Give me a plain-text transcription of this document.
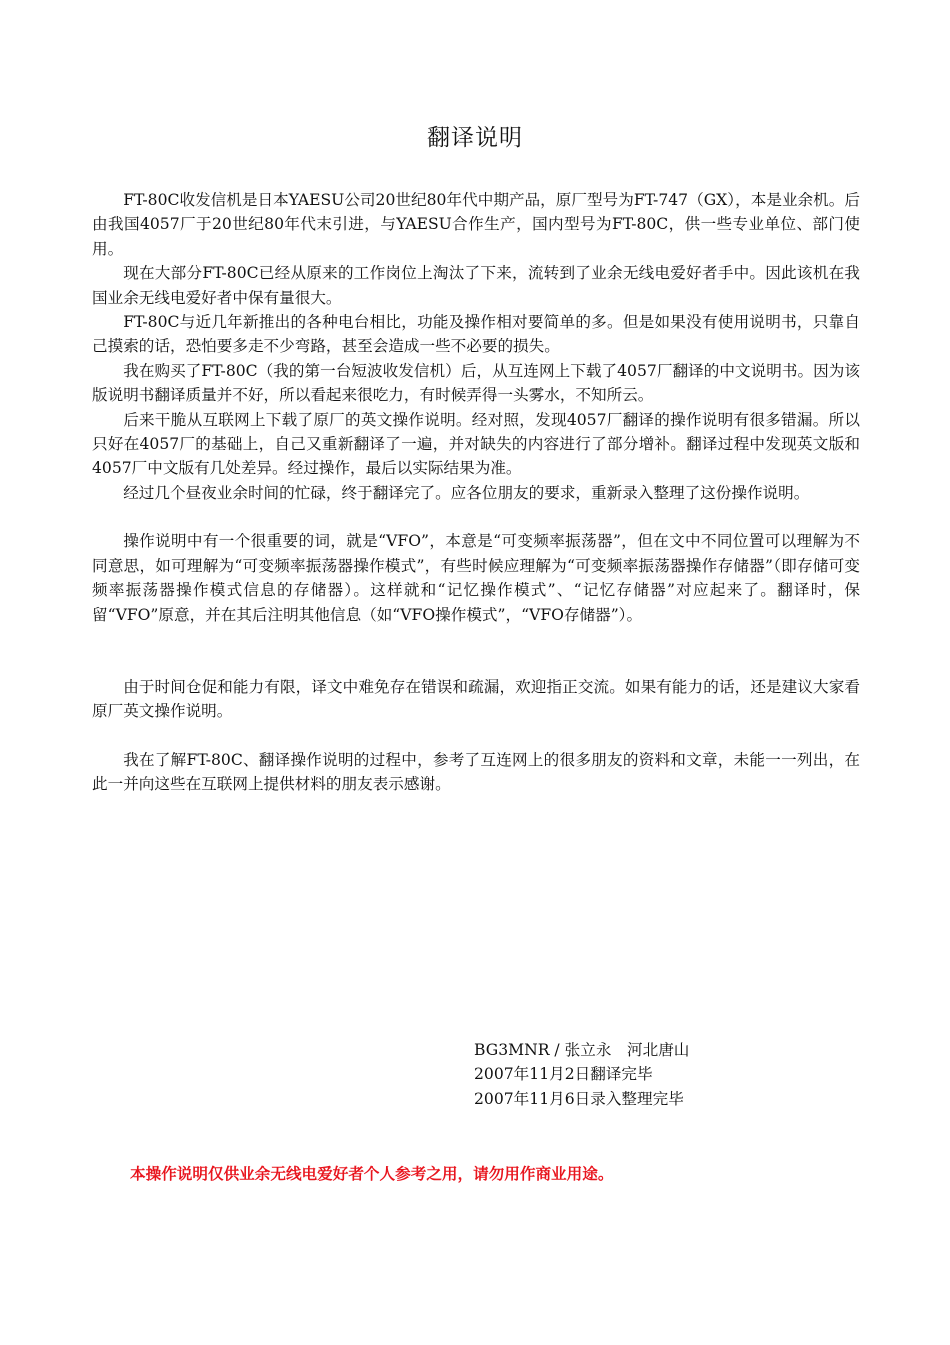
翻译说明

FT-80C收发信机是日本YAESU公司20世纪80年代中期产品，原厂型号为FT-747（GX），本是业余机。后由我国4057厂于20世纪80年代末引进，与YAESU合作生产，国内型号为FT-80C，供一些专业单位、部门使用。

现在大部分FT-80C已经从原来的工作岗位上淘汰了下来，流转到了业余无线电爱好者手中。因此该机在我国业余无线电爱好者中保有量很大。

FT-80C与近几年新推出的各种电台相比，功能及操作相对要简单的多。但是如果没有使用说明书，只靠自己摸索的话，恐怕要多走不少弯路，甚至会造成一些不必要的损失。

我在购买了FT-80C（我的第一台短波收发信机）后，从互连网上下载了4057厂翻译的中文说明书。因为该版说明书翻译质量并不好，所以看起来很吃力，有时候弄得一头雾水，不知所云。

后来干脆从互联网上下载了原厂的英文操作说明。经对照，发现4057厂翻译的操作说明有很多错漏。所以只好在4057厂的基础上，自己又重新翻译了一遍，并对缺失的内容进行了部分增补。翻译过程中发现英文版和4057厂中文版有几处差异。经过操作，最后以实际结果为准。

经过几个昼夜业余时间的忙碌，终于翻译完了。应各位朋友的要求，重新录入整理了这份操作说明。

操作说明中有一个很重要的词，就是“VFO”，本意是“可变频率振荡器”，但在文中不同位置可以理解为不同意思，如可理解为“可变频率振荡器操作模式”，有些时候应理解为“可变频率振荡器操作存储器”（即存储可变频率振荡器操作模式信息的存储器）。这样就和“记忆操作模式”、“记忆存储器”对应起来了。翻译时，保留“VFO”原意，并在其后注明其他信息（如“VFO操作模式”，“VFO存储器”）。

由于时间仓促和能力有限，译文中难免存在错误和疏漏，欢迎指正交流。如果有能力的话，还是建议大家看原厂英文操作说明。

我在了解FT-80C、翻译操作说明的过程中，参考了互连网上的很多朋友的资料和文章，未能一一列出，在此一并向这些在互联网上提供材料的朋友表示感谢。

BG3MNR / 张立永　河北唐山
2007年11月2日翻译完毕
2007年11月6日录入整理完毕
本操作说明仅供业余无线电爱好者个人参考之用，请勿用作商业用途。
